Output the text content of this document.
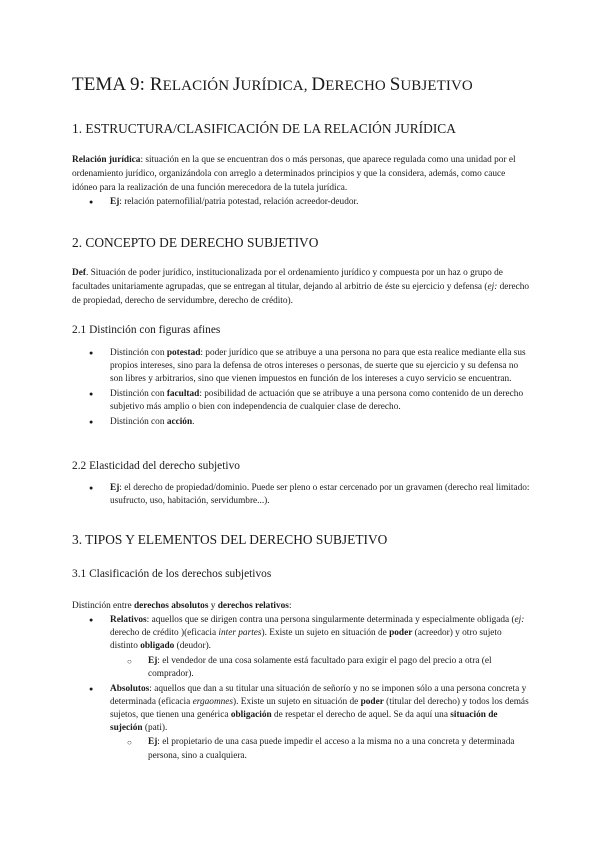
TEMA 9: RELACIÓN JURÍDICA, DERECHO SUBJETIVO
1. ESTRUCTURA/CLASIFICACIÓN DE LA RELACIÓN JURÍDICA

Relación jurídica: situación en la que se encuentran dos o más personas, que aparece regulada como una unidad por el ordenamiento jurídico, organizándola con arreglo a determinados principios y que la considera, además, como cauce idóneo para la realización de una función merecedora de la tutela jurídica.

● Ej: relación paternofilial/patria potestad, relación acreedor-deudor.
2. CONCEPTO DE DERECHO SUBJETIVO

Def. Situación de poder jurídico, institucionalizada por el ordenamiento jurídico y compuesta por un haz o grupo de facultades unitariamente agrupadas, que se entregan al titular, dejando al arbitrio de éste su ejercicio y defensa (ej: derecho de propiedad, derecho de servidumbre, derecho de crédito).

2.1 Distinción con figuras afines
● Distinción con potestad: poder jurídico que se atribuye a una persona no para que esta realice mediante ella sus propios intereses, sino para la defensa de otros intereses o personas, de suerte que su ejercicio y su defensa no son libres y arbitrarios, sino que vienen impuestos en función de los intereses a cuyo servicio se encuentran.
● Distinción con facultad: posibilidad de actuación que se atribuye a una persona como contenido de un derecho subjetivo más amplio o bien con independencia de cualquier clase de derecho.
● Distinción con acción.
2.2 Elasticidad del derecho subjetivo
● Ej: el derecho de propiedad/dominio. Puede ser pleno o estar cercenado por un gravamen (derecho real limitado: usufructo, uso, habitación, servidumbre...).
3. TIPOS Y ELEMENTOS DEL DERECHO SUBJETIVO
3.1 Clasificación de los derechos subjetivos

Distinción entre derechos absolutos y derechos relativos:

● Relativos: aquellos que se dirigen contra una persona singularmente determinada y especialmente obligada (ej: derecho de crédito )(eficacia inter partes). Existe un sujeto en situación de poder (acreedor) y otro sujeto distinto obligado (deudor).
○ Ej: el vendedor de una cosa solamente está facultado para exigir el pago del precio a otra (el comprador).
● Absolutos: aquellos que dan a su titular una situación de señorío y no se imponen sólo a una persona concreta y determinada (eficacia ergaomnes). Existe un sujeto en situación de poder (titular del derecho) y todos los demás sujetos, que tienen una genérica obligación de respetar el derecho de aquel. Se da aquí una situación de sujeción (pati).
○ Ej: el propietario de una casa puede impedir el acceso a la misma no a una concreta y determinada persona, sino a cualquiera.
